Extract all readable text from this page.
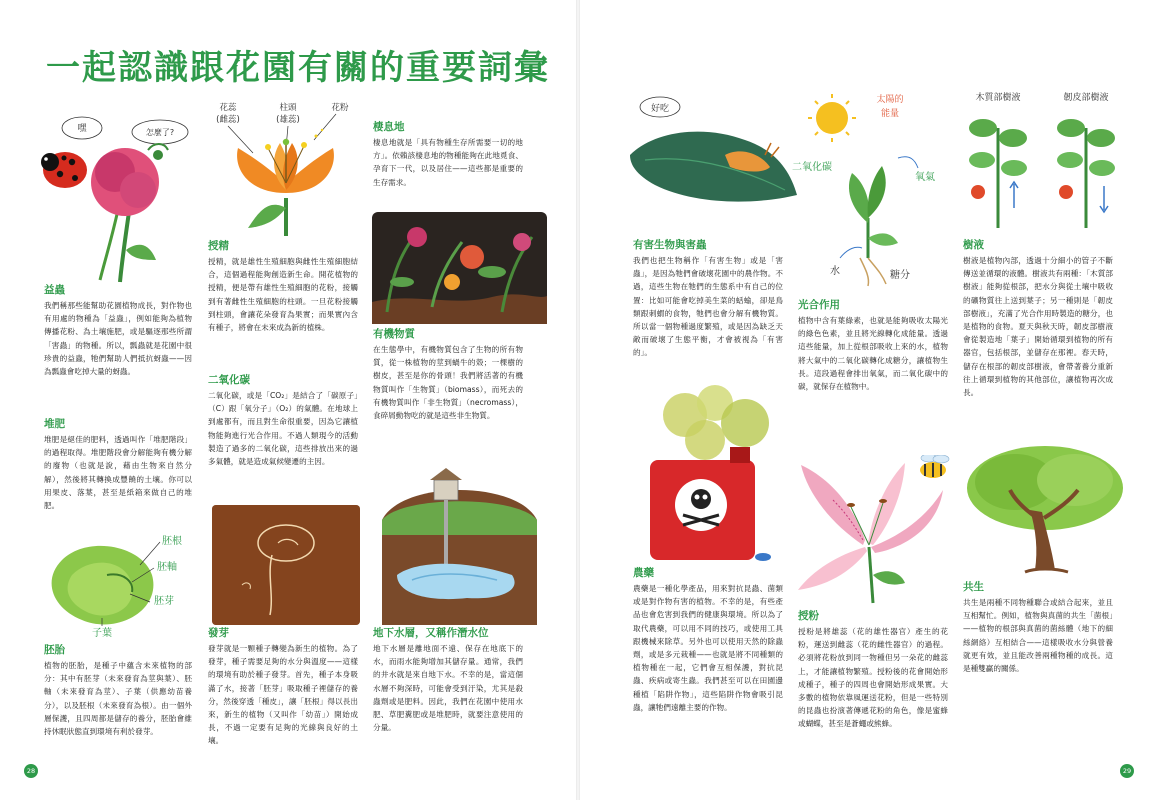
一起認識跟花園有關的重要詞彙
嘿	怎麼了?
花蕊
(雌蕊)
柱頭
(雄蕊)
花粉
胚根
胚軸
胚芽
子葉
好吃
太陽的
能量
二氧化碳
氧氣
水	糖分
木質部樹液	韌皮部樹液
益蟲

我們稱那些能幫助花園植物成長，對作物也有用處的物種為「益蟲」，例如能夠為植物傳播花粉、為土壤施肥，或是驅逐那些所謂「害蟲」的物種。所以，瓢蟲就是花園中很珍貴的益蟲，牠們幫助人們抵抗蚜蟲——因為瓢蟲會吃掉大量的蚜蟲。

堆肥

堆肥是絕佳的肥料，透過叫作「堆肥階段」的過程取得。堆肥階段會分解能夠有機分解的廢物（也就是說，藉由生物來自然分解），然後將其轉換成豐饒的土壤。你可以用果皮、落葉，甚至是紙箱來做自己的堆肥。

胚胎

植物的胚胎，是種子中蘊含未來植物的部分：其中有胚芽（未來發育為莖與葉）、胚軸（未來發育為莖）、子葉（供應幼苗養分），以及胚根（未來發育為根）。由一個外層保護，且四周都是儲存的養分，胚胎會維持休眠狀態直到環境有利於發芽。

授精

授精，就是雄性生殖細胞與雌性生殖細胞結合，這個過程能夠創造新生命。開花植物的授精，便是帶有雄性生殖細胞的花粉，接觸到有著雌性生殖細胞的柱頭。一旦花粉接觸到柱頭，會讓花朵發育為果實；而果實內含有種子，將會在未來成為新的植株。

二氧化碳

二氧化碳，或是「CO₂」是結合了「碳原子」（C）跟「氧分子」（O₂）的氣體。在地球上到處都有，而且對生命很重要，因為它讓植物能夠進行光合作用。不過人類現今的活動製造了過多的二氧化碳，這些排放出來的過多氣體，就是造成氣候變遷的主因。

發芽

發芽就是一顆種子轉變為新生的植物。為了發芽，種子需要足夠的水分與溫度——這樣的環境有助於種子發芽。首先，種子本身吸滿了水，接著「胚芽」吸取種子裡儲存的養分，然後穿透「種皮」，讓「胚根」得以長出來，新生的植物（又叫作「幼苗」）開始成長，不過一定要有足夠的光線與良好的土壤。

棲息地

棲息地就是「具有物種生存所需要一切的地方」。依賴該棲息地的物種能夠在此地覓食、孕育下一代，以及居住——這些都是重要的生存需求。

有機物質

在生態學中，有機物質包含了生物的所有物質，從一株植物的莖到蝸牛的殼；一棵樹的樹皮，甚至是你的骨頭！我們將活著的有機物質叫作「生物質」（biomass），而死去的有機物質叫作「非生物質」（necromass），食碎屑動物吃的就是這些非生物質。

地下水層，又稱作潛水位

地下水層是離地面不遠、保存在地底下的水，而雨水能夠增加其儲存量。通常，我們的井水就是來自地下水。不幸的是，當這個水層不夠深時，可能會受到汙染，尤其是殺蟲劑或是肥料。因此，我們在花園中使用水肥、草肥糞肥或是堆肥時，就要注意使用的分量。

有害生物與害蟲

我們也把生物稱作「有害生物」或是「害蟲」，是因為牠們會破壞花園中的農作物。不過，這些生物在牠們的生態系中有自己的位置：比如可能會吃掉美生菜的蛞蝓，卻是鳥類跟刺蝟的食物，牠們也會分解有機物質。所以當一個物種過度繁殖，或是因為缺乏天敵而破壞了生態平衡，才會被視為「有害的」。

農藥

農藥是一種化學產品，用來對抗昆蟲、菌類或是對作物有害的植物。不幸的是，有些產品也會危害到我們的健康與環境。所以為了取代農藥，可以用不同的技巧，或使用工具跟機械來除草。另外也可以使用天然的除蟲劑，或是多元栽種——也就是將不同種類的植物種在一起，它們會互相保護，對抗昆蟲、疾病或寄生蟲。我們甚至可以在田園邊種植「陷阱作物」，這些陷阱作物會吸引昆蟲，讓牠們遠離主要的作物。

光合作用

植物中含有葉綠素，也就是能夠吸收太陽光的綠色色素，並且將光線轉化成能量。透過這些能量，加上從根部吸收上來的水，植物將大氣中的二氧化碳轉化成糖分，讓植物生長。這段過程會排出氧氣，而二氧化碳中的碳，就保存在植物中。

授粉

授粉是將雄蕊（花的雄性器官）產生的花粉，運送到雌蕊（花的雌性器官）的過程。必須將花粉放到同一物種但另一朵花的雌蕊上，才能讓植物繁殖。授粉後的花會開始形成種子，種子的四周也會開始形成果實。大多數的植物依靠風運送花粉，但是一些特別的昆蟲也扮演著傳遞花粉的角色，像是蜜蜂或蝴蝶，甚至是蒼蠅或熊蜂。

樹液

樹液是植物內部，透過十分細小的管子不斷傳送並循環的液體。樹液共有兩種：「木質部樹液」能夠從根部，把水分與從土壤中吸收的礦物質往上送到葉子；另一種則是「韌皮部樹液」，充滿了光合作用時製造的糖分，也是植物的食物。夏天與秋天時，韌皮部樹液會從製造地「葉子」開始循環到植物的所有器官，包括根部，並儲存在那裡。春天時，儲存在根部的韌皮部樹液，會帶著養分重新往上循環到植物的其他部位，讓植物再次成長。

共生

共生是兩種不同物種聯合或結合起來，並且互相幫忙。例如，植物與真菌的共生「菌根」——植物的根部與真菌的菌絲體（地下的細絲網絡）互相結合——這樣吸收水分與營養就更有效，並且能改善兩種物種的成長。這是種雙贏的關係。

28	29
